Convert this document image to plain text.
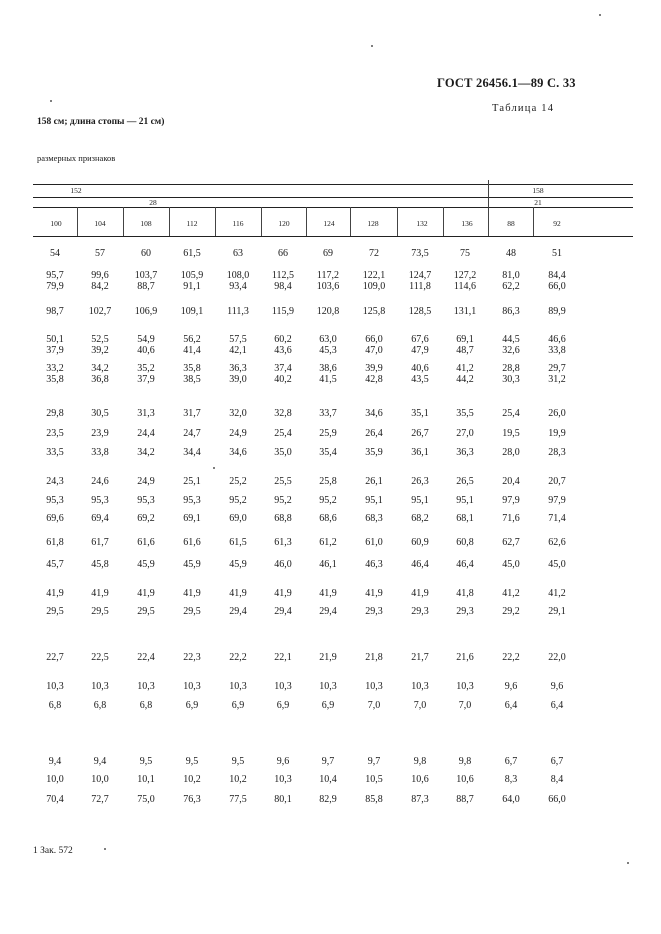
ГОСТ 26456.1—89 С. 33
Таблица 14
158 см; длина стопы — 21 см)
размерных признаков
152
28
158
21
100	104	108	112	116	120	124	128	132	136	88	92
54	57	60	61,5	63	66	69	72	73,5	75	48	51
95,7	99,6	103,7	105,9	108,0	112,5	117,2	122,1	124,7	127,2	81,0	84,4
79,9	84,2	88,7	91,1	93,4	98,4	103,6	109,0	111,8	114,6	62,2	66,0
98,7	102,7	106,9	109,1	111,3	115,9	120,8	125,8	128,5	131,1	86,3	89,9
50,1	52,5	54,9	56,2	57,5	60,2	63,0	66,0	67,6	69,1	44,5	46,6
37,9	39,2	40,6	41,4	42,1	43,6	45,3	47,0	47,9	48,7	32,6	33,8
33,2	34,2	35,2	35,8	36,3	37,4	38,6	39,9	40,6	41,2	28,8	29,7
35,8	36,8	37,9	38,5	39,0	40,2	41,5	42,8	43,5	44,2	30,3	31,2
29,8	30,5	31,3	31,7	32,0	32,8	33,7	34,6	35,1	35,5	25,4	26,0
23,5	23,9	24,4	24,7	24,9	25,4	25,9	26,4	26,7	27,0	19,5	19,9
33,5	33,8	34,2	34,4	34,6	35,0	35,4	35,9	36,1	36,3	28,0	28,3
24,3	24,6	24,9	25,1	25,2	25,5	25,8	26,1	26,3	26,5	20,4	20,7
95,3	95,3	95,3	95,3	95,2	95,2	95,2	95,1	95,1	95,1	97,9	97,9
69,6	69,4	69,2	69,1	69,0	68,8	68,6	68,3	68,2	68,1	71,6	71,4
61,8	61,7	61,6	61,6	61,5	61,3	61,2	61,0	60,9	60,8	62,7	62,6
45,7	45,8	45,9	45,9	45,9	46,0	46,1	46,3	46,4	46,4	45,0	45,0
41,9	41,9	41,9	41,9	41,9	41,9	41,9	41,9	41,9	41,8	41,2	41,2
29,5	29,5	29,5	29,5	29,4	29,4	29,4	29,3	29,3	29,3	29,2	29,1
22,7	22,5	22,4	22,3	22,2	22,1	21,9	21,8	21,7	21,6	22,2	22,0
10,3	10,3	10,3	10,3	10,3	10,3	10,3	10,3	10,3	10,3	9,6	9,6
6,8	6,8	6,8	6,9	6,9	6,9	6,9	7,0	7,0	7,0	6,4	6,4
9,4	9,4	9,5	9,5	9,5	9,6	9,7	9,7	9,8	9,8	6,7	6,7
10,0	10,0	10,1	10,2	10,2	10,3	10,4	10,5	10,6	10,6	8,3	8,4
70,4	72,7	75,0	76,3	77,5	80,1	82,9	85,8	87,3	88,7	64,0	66,0
1 Зак. 572
